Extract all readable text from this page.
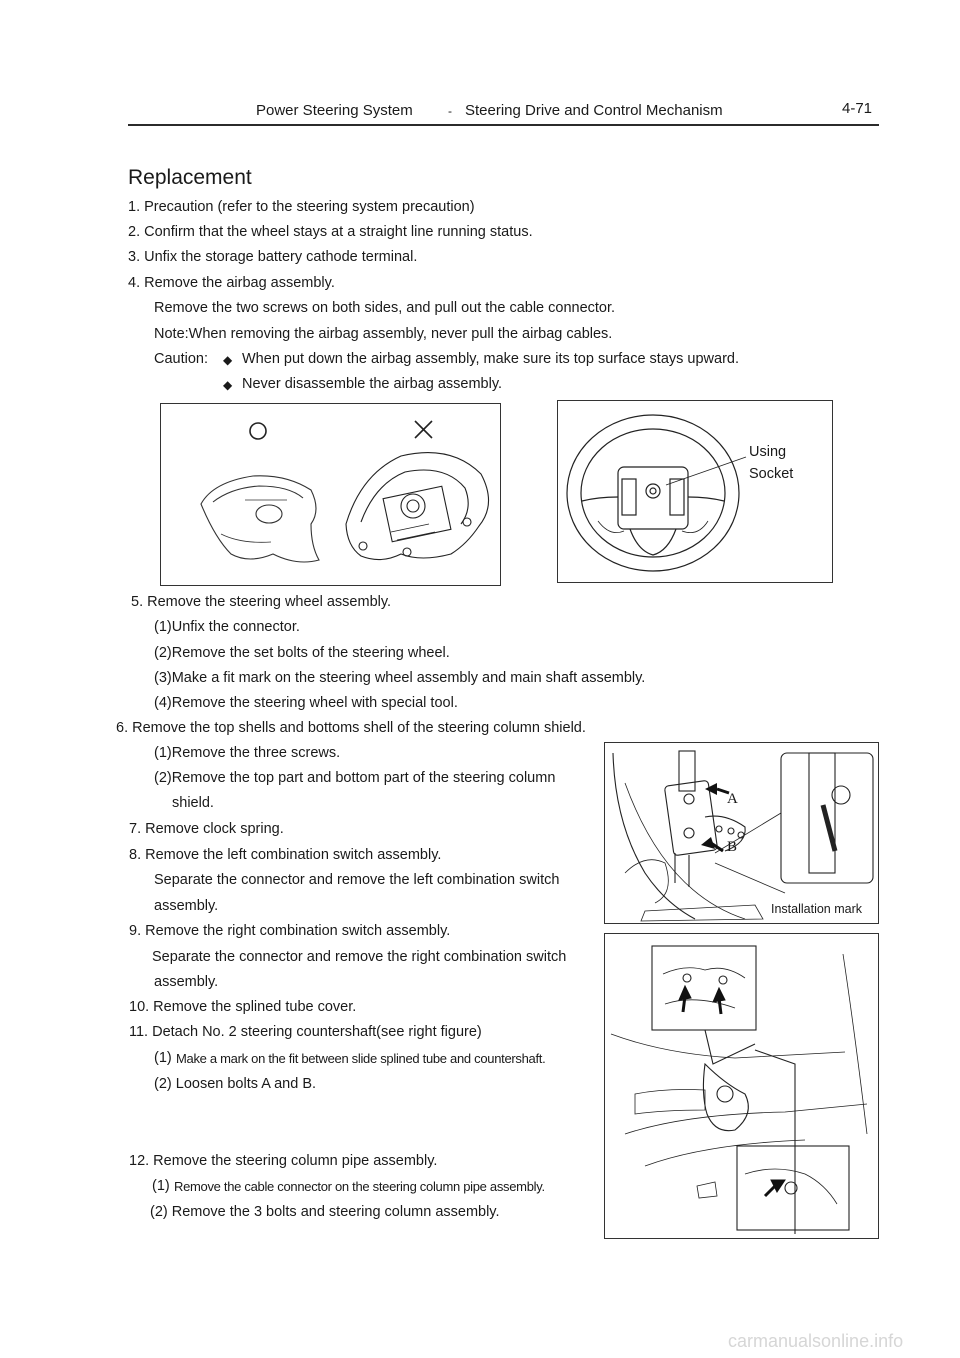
Power Steering System	- Steering Drive and Control Mechanism	4-71
Replacement
1. Precaution (refer to the steering system precaution)
2. Confirm that the wheel stays at a straight line running status.
3. Unfix the storage battery cathode terminal.
4. Remove the airbag assembly.
Remove the two screws on both sides, and pull out the cable connector.
Note:When removing the airbag assembly, never pull the airbag cables.
Caution: ◆ When put down the airbag assembly, make sure its top surface stays upward.
◆ Never disassemble the airbag assembly.
Using
Socket
5. Remove the steering wheel assembly.
(1)Unfix the connector.
(2)Remove the set bolts of the steering wheel.
(3)Make a fit mark on the steering wheel assembly and main shaft assembly.
(4)Remove the steering wheel with special tool.
6. Remove the top shells and bottoms shell of the steering column shield.
(1)Remove the three screws.
(2)Remove the top part and bottom part of the steering column
shield.
7. Remove clock spring.
8. Remove the left combination switch assembly.
Separate the connector and remove the left combination switch
assembly.
9. Remove the right combination switch assembly.
Separate the connector and remove the right combination switch
assembly.
10. Remove the splined tube cover.
11. Detach No. 2 steering countershaft(see right figure)
(1) Make a mark on the fit between slide splined tube and countershaft.
(2) Loosen bolts A and B.
12. Remove the steering column pipe assembly.
(1) Remove the cable connector on the steering column pipe assembly.
(2) Remove the 3 bolts and steering column assembly.
A
B
Installation mark
carmanualsonline.info
